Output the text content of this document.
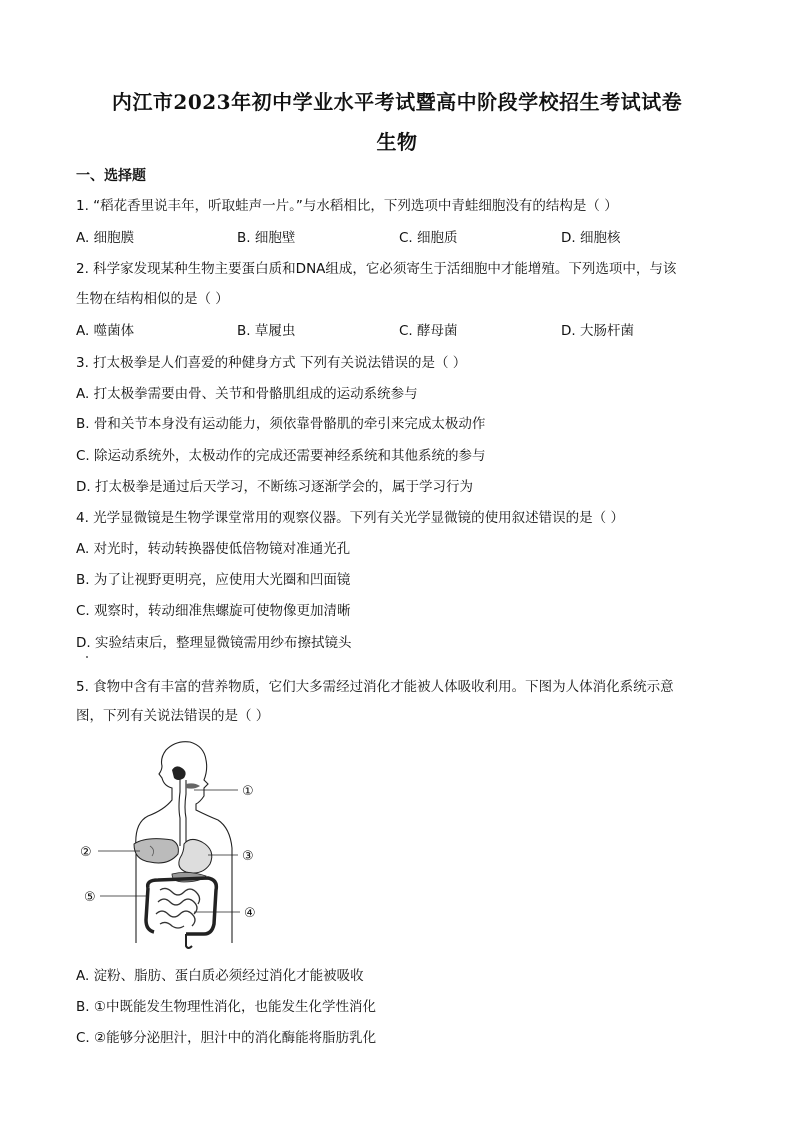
内江市2023年初中学业水平考试暨高中阶段学校招生考试试卷
生物
一、选择题
1. “稻花香里说丰年，听取蛙声一片。”与水稻相比，下列选项中青蛙细胞没有的结构是（ ）
A. 细胞膜	B. 细胞壁	C. 细胞质	D. 细胞核
2. 科学家发现某种生物主要蛋白质和DNA组成，它必须寄生于活细胞中才能增殖。下列选项中，与该
生物在结构相似的是（ ）
A. 噬菌体	B. 草履虫	C. 酵母菌	D. 大肠杆菌
3. 打太极拳是人们喜爱的种健身方式 下列有关说法错误的是（ ）
A. 打太极拳需要由骨、关节和骨骼肌组成的运动系统参与
B. 骨和关节本身没有运动能力，须依靠骨骼肌的牵引来完成太极动作
C. 除运动系统外，太极动作的完成还需要神经系统和其他系统的参与
D. 打太极拳是通过后天学习，不断练习逐渐学会的，属于学习行为
4. 光学显微镜是生物学课堂常用的观察仪器。下列有关光学显微镜的使用叙述错误的是（ ）
A. 对光时，转动转换器使低倍物镜对准通光孔
B. 为了让视野更明亮，应使用大光圈和凹面镜
C. 观察时，转动细准焦螺旋可使物像更加清晰
D. 实验结束后，整理显微镜需用纱布擦拭镜头
5. 食物中含有丰富的营养物质，它们大多需经过消化才能被人体吸收利用。下图为人体消化系统示意
图，下列有关说法错误的是（ ）
①
②	③
④
⑤
A. 淀粉、脂肪、蛋白质必须经过消化才能被吸收
B. ①中既能发生物理性消化，也能发生化学性消化
C. ②能够分泌胆汁，胆汁中的消化酶能将脂肪乳化
